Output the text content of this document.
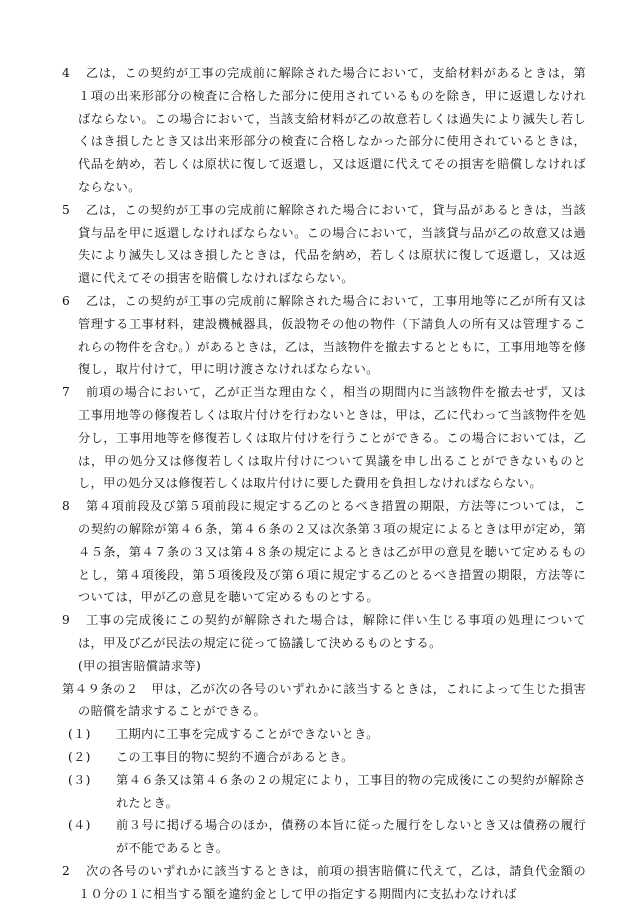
4 乙は，この契約が工事の完成前に解除された場合において，支給材料があるときは，第１項の出来形部分の検査に合格した部分に使用されているものを除き，甲に返還しなければならない。この場合において，当該支給材料が乙の故意若しくは過失により滅失し若しくはき損したとき又は出来形部分の検査に合格しなかった部分に使用されているときは，代品を納め，若しくは原状に復して返還し，又は返還に代えてその損害を賠償しなければならない。

5 乙は，この契約が工事の完成前に解除された場合において，貸与品があるときは，当該貸与品を甲に返還しなければならない。この場合において，当該貸与品が乙の故意又は過失により滅失し又はき損したときは，代品を納め，若しくは原状に復して返還し，又は返還に代えてその損害を賠償しなければならない。

6 乙は，この契約が工事の完成前に解除された場合において，工事用地等に乙が所有又は管理する工事材料，建設機械器具，仮設物その他の物件（下請負人の所有又は管理するこれらの物件を含む。）があるときは，乙は，当該物件を撤去するとともに，工事用地等を修復し，取片付けて，甲に明け渡さなければならない。

7 前項の場合において，乙が正当な理由なく，相当の期間内に当該物件を撤去せず，又は工事用地等の修復若しくは取片付けを行わないときは，甲は，乙に代わって当該物件を処分し，工事用地等を修復若しくは取片付けを行うことができる。この場合においては，乙は，甲の処分又は修復若しくは取片付けについて異議を申し出ることができないものとし，甲の処分又は修復若しくは取片付けに要した費用を負担しなければならない。

8 第４項前段及び第５項前段に規定する乙のとるべき措置の期限，方法等については，この契約の解除が第４６条，第４６条の２又は次条第３項の規定によるときは甲が定め，第４５条，第４７条の３又は第４８条の規定によるときは乙が甲の意見を聴いて定めるものとし，第４項後段，第５項後段及び第６項に規定する乙のとるべき措置の期限，方法等については，甲が乙の意見を聴いて定めるものとする。

9 工事の完成後にこの契約が解除された場合は，解除に伴い生じる事項の処理については，甲及び乙が民法の規定に従って協議して決めるものとする。

(甲の損害賠償請求等)

第４９条の２　甲は，乙が次の各号のいずれかに該当するときは，これによって生じた損害の賠償を請求することができる。

(１) 工期内に工事を完成することができないとき。

(２) この工事目的物に契約不適合があるとき。

(３) 第４６条又は第４６条の２の規定により，工事目的物の完成後にこの契約が解除されたとき。

(４) 前３号に掲げる場合のほか，債務の本旨に従った履行をしないとき又は債務の履行が不能であるとき。

2 次の各号のいずれかに該当するときは，前項の損害賠償に代えて，乙は，請負代金額の１０分の１に相当する額を違約金として甲の指定する期間内に支払わなければ
